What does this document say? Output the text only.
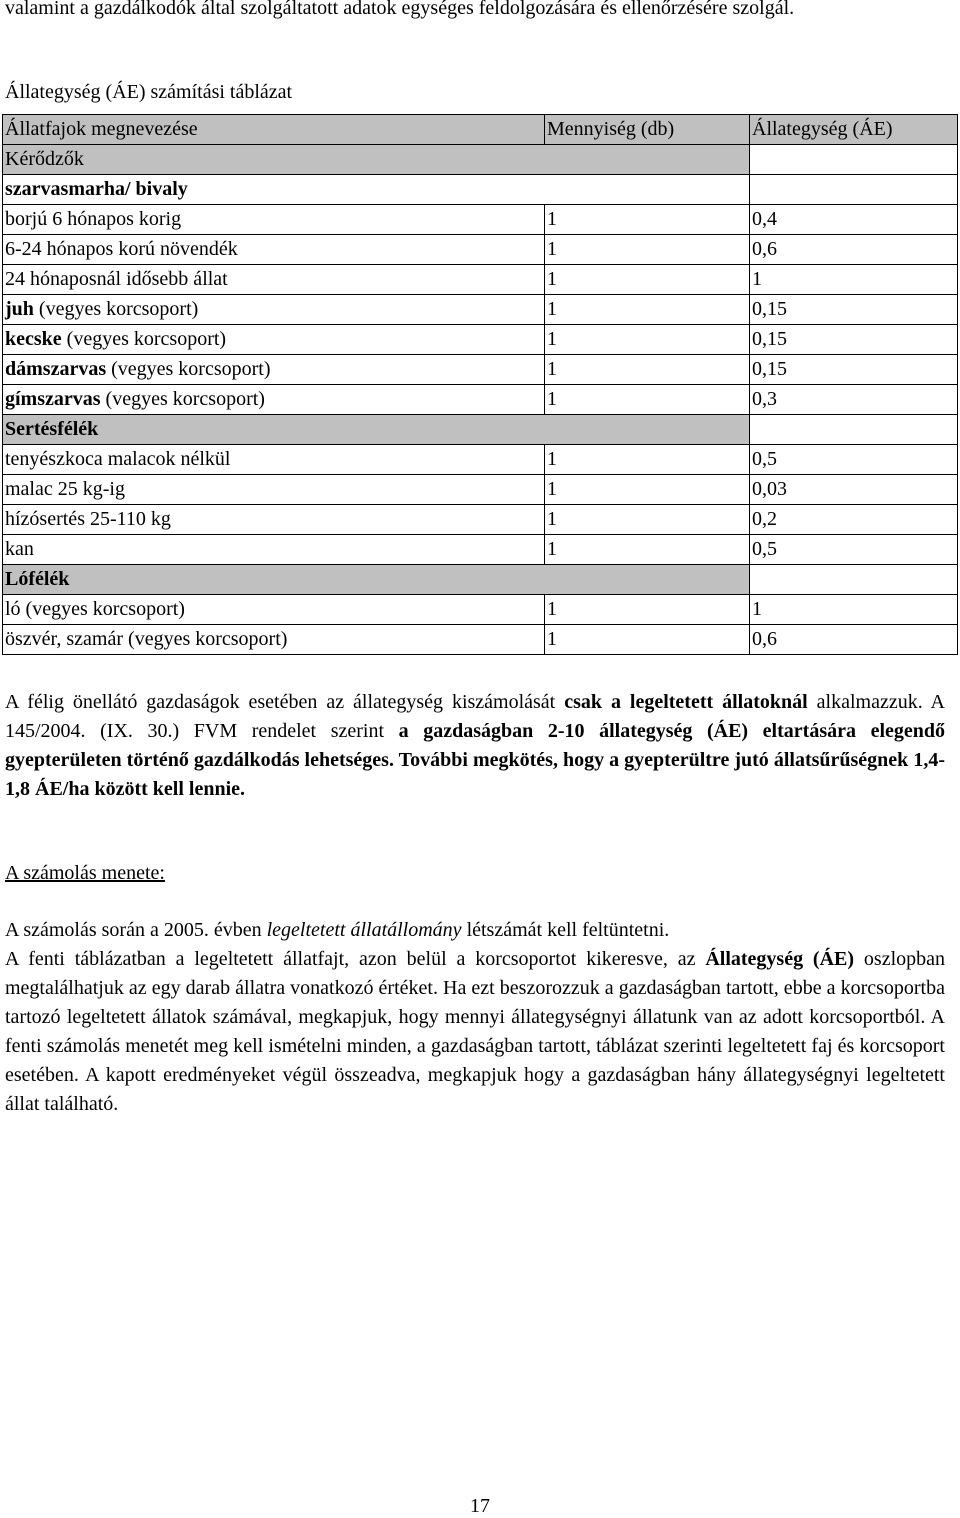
valamint a gazdálkodók által szolgáltatott adatok egységes feldolgozására és ellenőrzésére szolgál.

Állategység (ÁE) számítási táblázat

Állatfajok megnevezése	Mennyiség (db)	Állategység (ÁE)
Kérődzők		
szarvasmarha/ bivaly		
borjú 6 hónapos korig	1	0,4
6-24 hónapos korú növendék	1	0,6
24 hónaposnál idősebb állat	1	1
juh (vegyes korcsoport)	1	0,15
kecske (vegyes korcsoport)	1	0,15
dámszarvas (vegyes korcsoport)	1	0,15
gímszarvas (vegyes korcsoport)	1	0,3
Sertésfélék		
tenyészkoca malacok nélkül	1	0,5
malac 25 kg-ig	1	0,03
hízósertés 25-110 kg	1	0,2
kan	1	0,5
Lófélék		
ló (vegyes korcsoport)	1	1
öszvér, szamár (vegyes korcsoport)	1	0,6

A félig önellátó gazdaságok esetében az állategység kiszámolását csak a legeltetett állatoknál alkalmazzuk. A 145/2004. (IX. 30.) FVM rendelet szerint a gazdaságban 2-10 állategység (ÁE) eltartására elegendő gyepterületen történő gazdálkodás lehetséges. További megkötés, hogy a gyepterültre jutó állatsűrűségnek 1,4-1,8 ÁE/ha között kell lennie.

A számolás menete:

A számolás során a 2005. évben legeltetett állatállomány létszámát kell feltüntetni.

A fenti táblázatban a legeltetett állatfajt, azon belül a korcsoportot kikeresve, az Állategység (ÁE) oszlopban megtalálhatjuk az egy darab állatra vonatkozó értéket. Ha ezt beszorozzuk a gazdaságban tartott, ebbe a korcsoportba tartozó legeltetett állatok számával, megkapjuk, hogy mennyi állategységnyi állatunk van az adott korcsoportból. A fenti számolás menetét meg kell ismételni minden, a gazdaságban tartott, táblázat szerinti legeltetett faj és korcsoport esetében. A kapott eredményeket végül összeadva, megkapjuk hogy a gazdaságban hány állategységnyi legeltetett állat található.

17
